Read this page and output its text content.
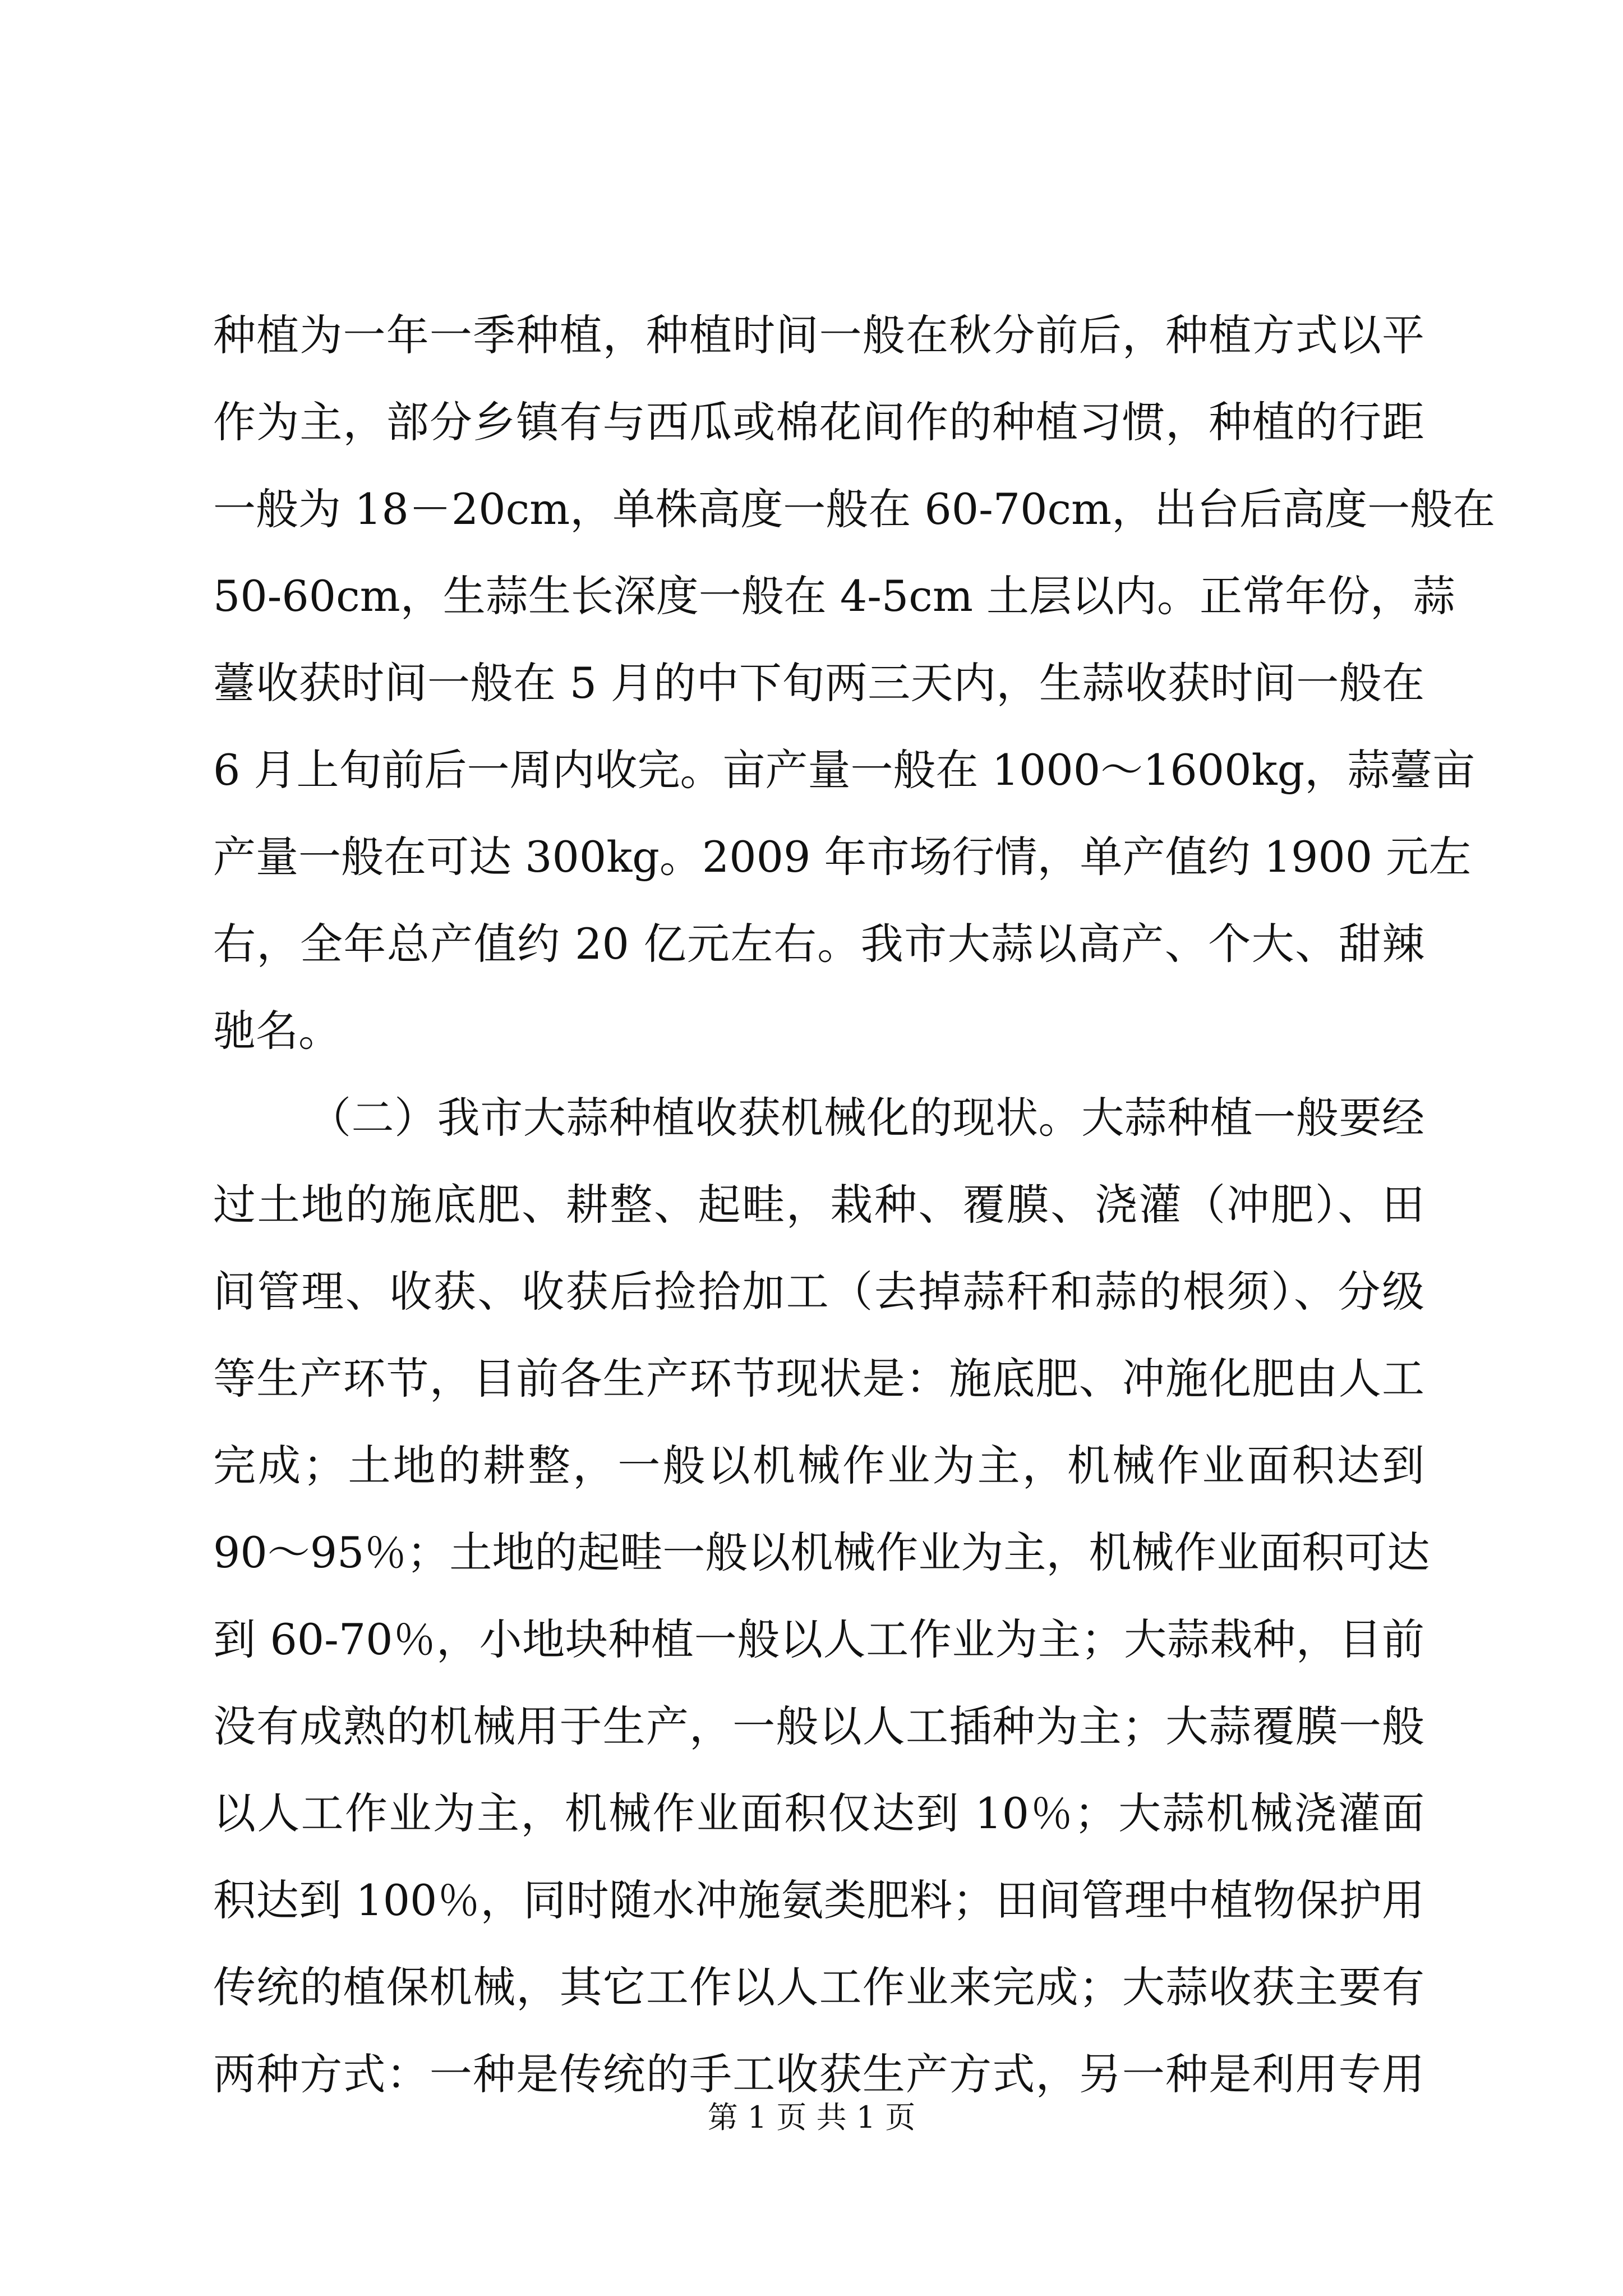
种植为一年一季种植，种植时间一般在秋分前后，种植方式以平
作为主，部分乡镇有与西瓜或棉花间作的种植习惯，种植的行距
一般为 18－20cm，单株高度一般在 60-70cm，出台后高度一般在
50-60cm，生蒜生长深度一般在 4-5cm 土层以内。正常年份，蒜
薹收获时间一般在 5 月的中下旬两三天内，生蒜收获时间一般在
6 月上旬前后一周内收完。亩产量一般在 1000～1600kg，蒜薹亩
产量一般在可达 300kg。2009 年市场行情，单产值约 1900 元左
右，全年总产值约 20 亿元左右。我市大蒜以高产、个大、甜辣
驰名。
（二）我市大蒜种植收获机械化的现状。大蒜种植一般要经
过土地的施底肥、耕整、起畦，栽种、覆膜、浇灌（冲肥）、田
间管理、收获、收获后捡拾加工（去掉蒜秆和蒜的根须）、分级
等生产环节，目前各生产环节现状是：施底肥、冲施化肥由人工
完成；土地的耕整，一般以机械作业为主，机械作业面积达到
90～95％；土地的起畦一般以机械作业为主，机械作业面积可达
到 60-70％，小地块种植一般以人工作业为主；大蒜栽种，目前
没有成熟的机械用于生产，一般以人工插种为主；大蒜覆膜一般
以人工作业为主，机械作业面积仅达到 10％；大蒜机械浇灌面
积达到 100％，同时随水冲施氨类肥料；田间管理中植物保护用
传统的植保机械，其它工作以人工作业来完成；大蒜收获主要有
两种方式：一种是传统的手工收获生产方式，另一种是利用专用
第 1 页 共 1 页
